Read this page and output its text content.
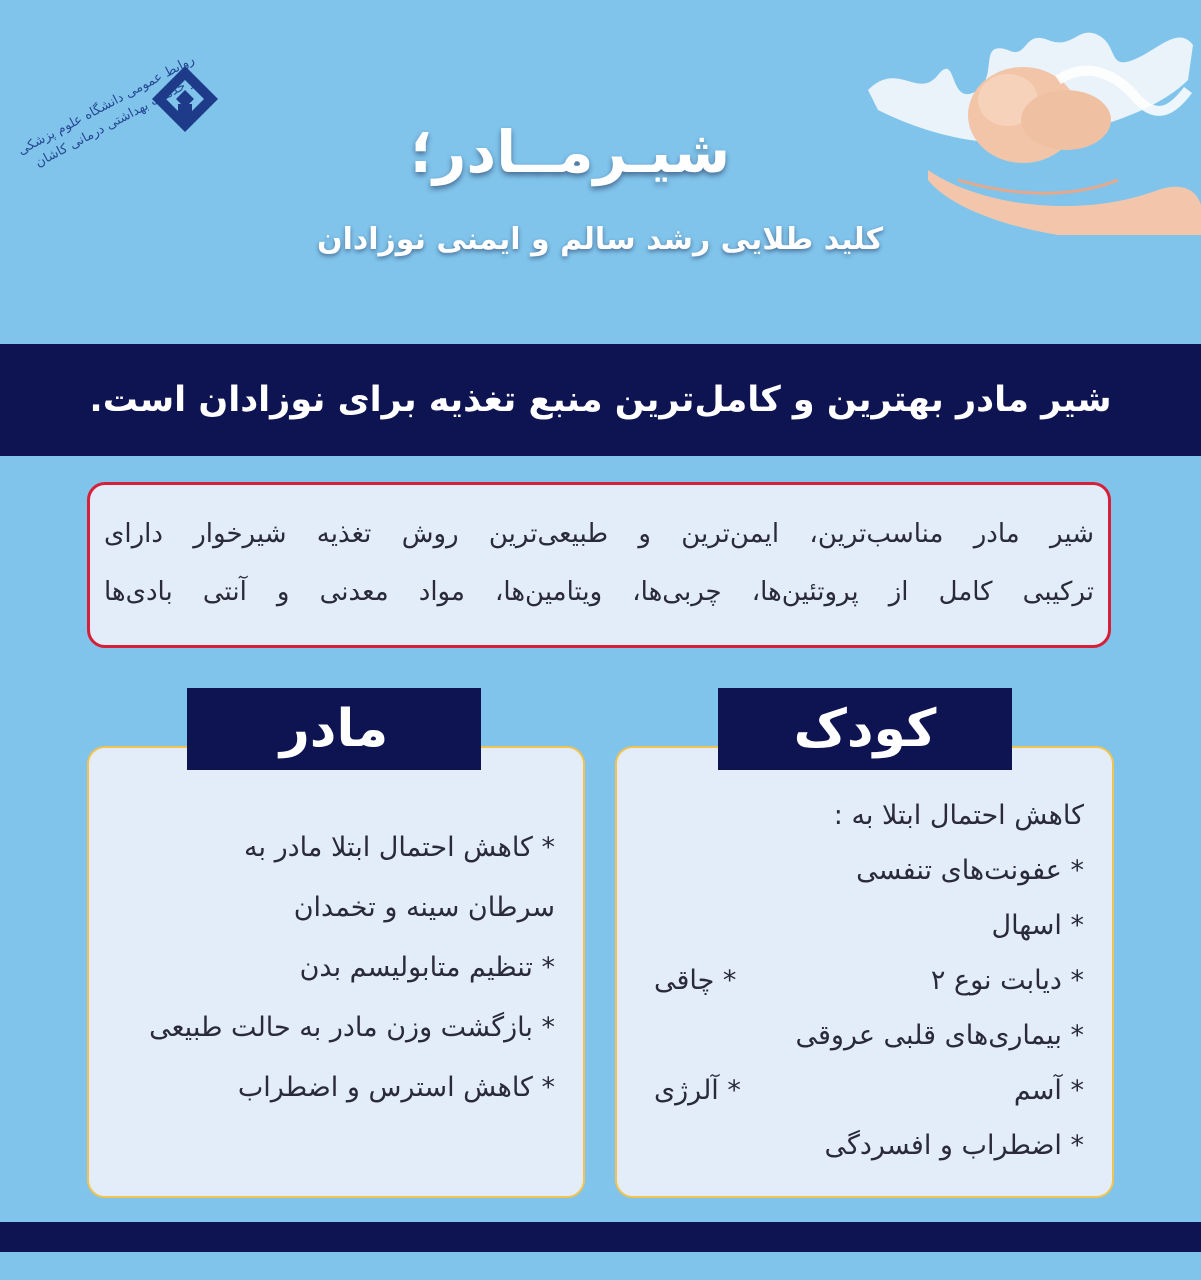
روابط عمومی دانشگاه علوم پزشکی و خدمات بهداشتی درمانی کاشان	شیـرمــادر؛
کلید طلایی رشد سالم و ایمنی نوزادان
شیر مادر بهترین و کامل‌ترین منبع تغذیه برای نوزادان است.
شیر مادر مناسب‌ترین، ایمن‌ترین و طبیعی‌ترین روش تغذیه شیرخوار دارای
ترکیبی کامل از پروتئین‌ها، چربی‌ها، ویتامین‌ها، مواد معدنی و آنتی بادی‌ها
* کاهش احتمال ابتلا مادر به
سرطان سینه و تخمدان
* تنظیم متابولیسم بدن
* بازگشت وزن مادر به حالت طبیعی
* کاهش استرس و اضطراب
مادر
کاهش احتمال ابتلا به :
* عفونت‌های تنفسی
* اسهال
* دیابت نوع ۲
* چاقی
* بیماری‌های قلبی عروقی
* آسم
* آلرژی
* اضطراب و افسردگی
کودک
